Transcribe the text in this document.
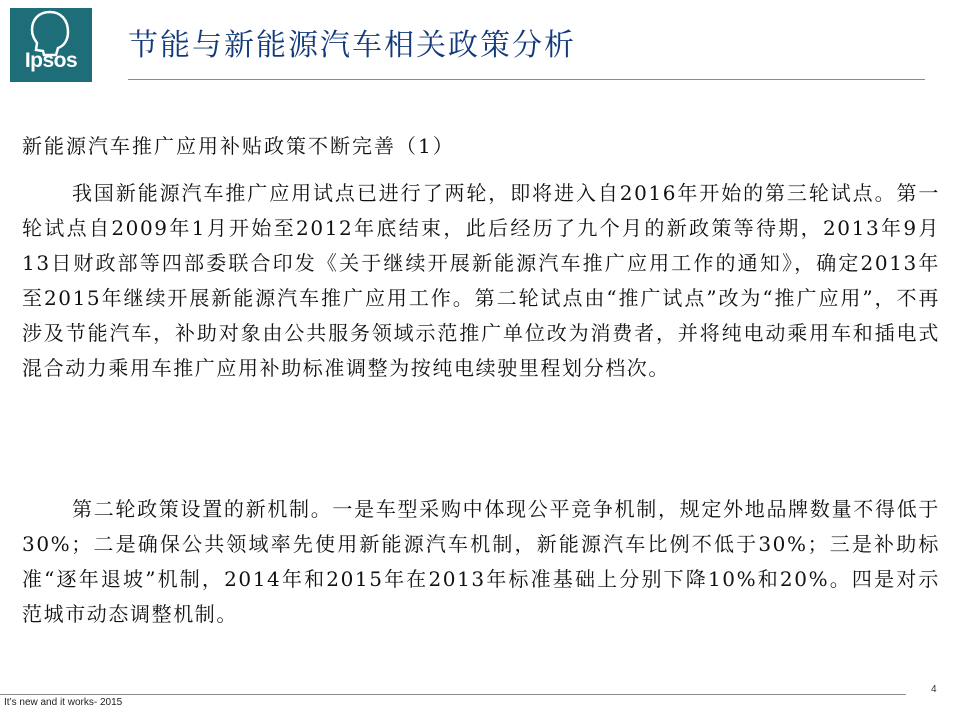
Ipsos	节能与新能源汽车相关政策分析
新能源汽车推广应用补贴政策不断完善（1）

我国新能源汽车推广应用试点已进行了两轮，即将进入自2016年开始的第三轮试点。第一轮试点自2009年1月开始至2012年底结束，此后经历了九个月的新政策等待期，2013年9月13日财政部等四部委联合印发《关于继续开展新能源汽车推广应用工作的通知》，确定2013年至2015年继续开展新能源汽车推广应用工作。第二轮试点由“推广试点”改为“推广应用”，不再涉及节能汽车，补助对象由公共服务领域示范推广单位改为消费者，并将纯电动乘用车和插电式混合动力乘用车推广应用补助标准调整为按纯电续驶里程划分档次。

第二轮政策设置的新机制。一是车型采购中体现公平竞争机制，规定外地品牌数量不得低于30%；二是确保公共领域率先使用新能源汽车机制，新能源汽车比例不低于30%；三是补助标准“逐年退坡”机制，2014年和2015年在2013年标准基础上分别下降10%和20%。四是对示范城市动态调整机制。

It’s new and it works- 2015
4
